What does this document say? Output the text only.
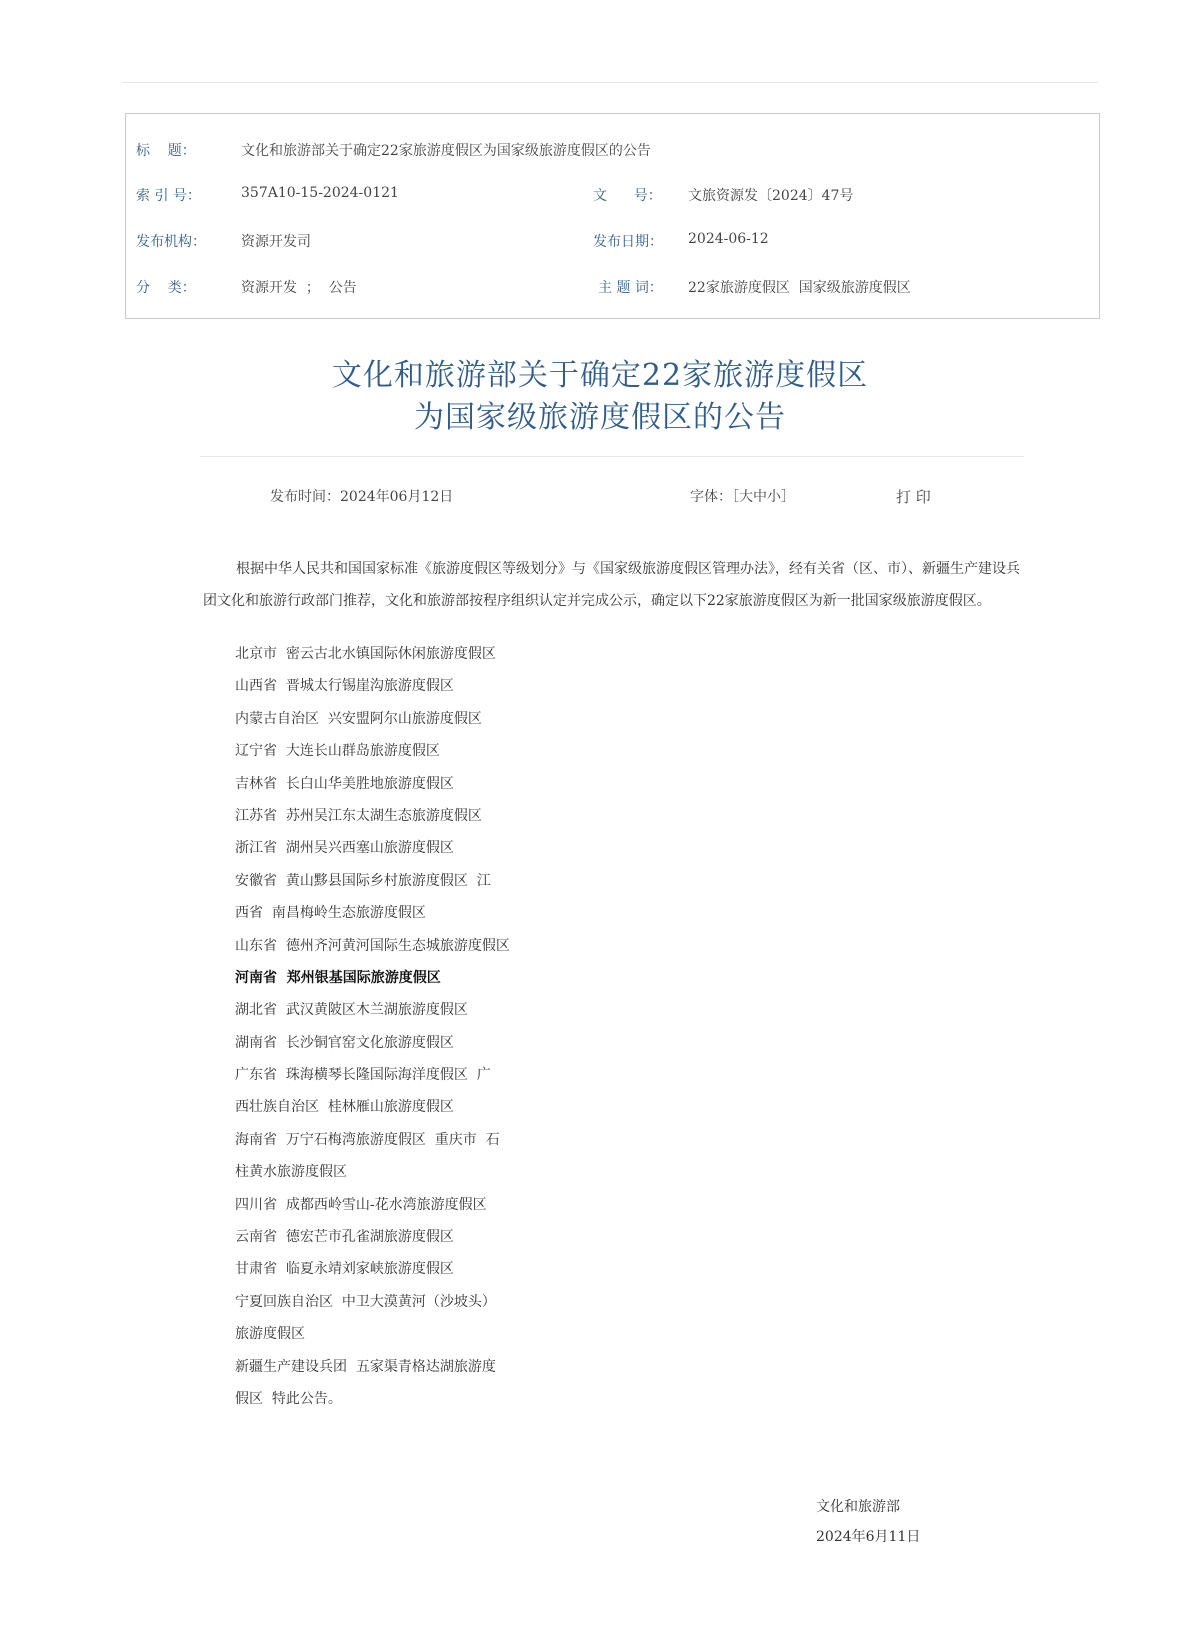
标    题：	文化和旅游部关于确定22家旅游度假区为国家级旅游度假区的公告
索 引 号：	357A10-15-2024-0121	文      号： 文旅资源发〔2024〕47号
发布机构：	资源开发司	发布日期： 2024-06-12
分    类：	资源开发  ；  公告	主 题 词： 22家旅游度假区  国家级旅游度假区
文化和旅游部关于确定22家旅游度假区
为国家级旅游度假区的公告
发布时间：2024年06月12日	字体：［大中小］	打 印
根据中华人民共和国国家标准《旅游度假区等级划分》与《国家级旅游度假区管理办法》，经有关省（区、市）、新疆生产建设兵团文化和旅游行政部门推荐，文化和旅游部按程序组织认定并完成公示，确定以下22家旅游度假区为新一批国家级旅游度假区。
北京市  密云古北水镇国际休闲旅游度假区
山西省  晋城太行锡崖沟旅游度假区
内蒙古自治区  兴安盟阿尔山旅游度假区
辽宁省  大连长山群岛旅游度假区
吉林省  长白山华美胜地旅游度假区
江苏省  苏州吴江东太湖生态旅游度假区
浙江省  湖州吴兴西塞山旅游度假区
安徽省  黄山黟县国际乡村旅游度假区  江
西省  南昌梅岭生态旅游度假区
山东省  德州齐河黄河国际生态城旅游度假区
河南省  郑州银基国际旅游度假区
湖北省  武汉黄陂区木兰湖旅游度假区
湖南省  长沙铜官窑文化旅游度假区
广东省  珠海横琴长隆国际海洋度假区  广
西壮族自治区  桂林雁山旅游度假区
海南省  万宁石梅湾旅游度假区  重庆市  石
柱黄水旅游度假区
四川省  成都西岭雪山-花水湾旅游度假区
云南省  德宏芒市孔雀湖旅游度假区
甘肃省  临夏永靖刘家峡旅游度假区
宁夏回族自治区  中卫大漠黄河（沙坡头）
旅游度假区
新疆生产建设兵团  五家渠青格达湖旅游度
假区  特此公告。
文化和旅游部
2024年6月11日
